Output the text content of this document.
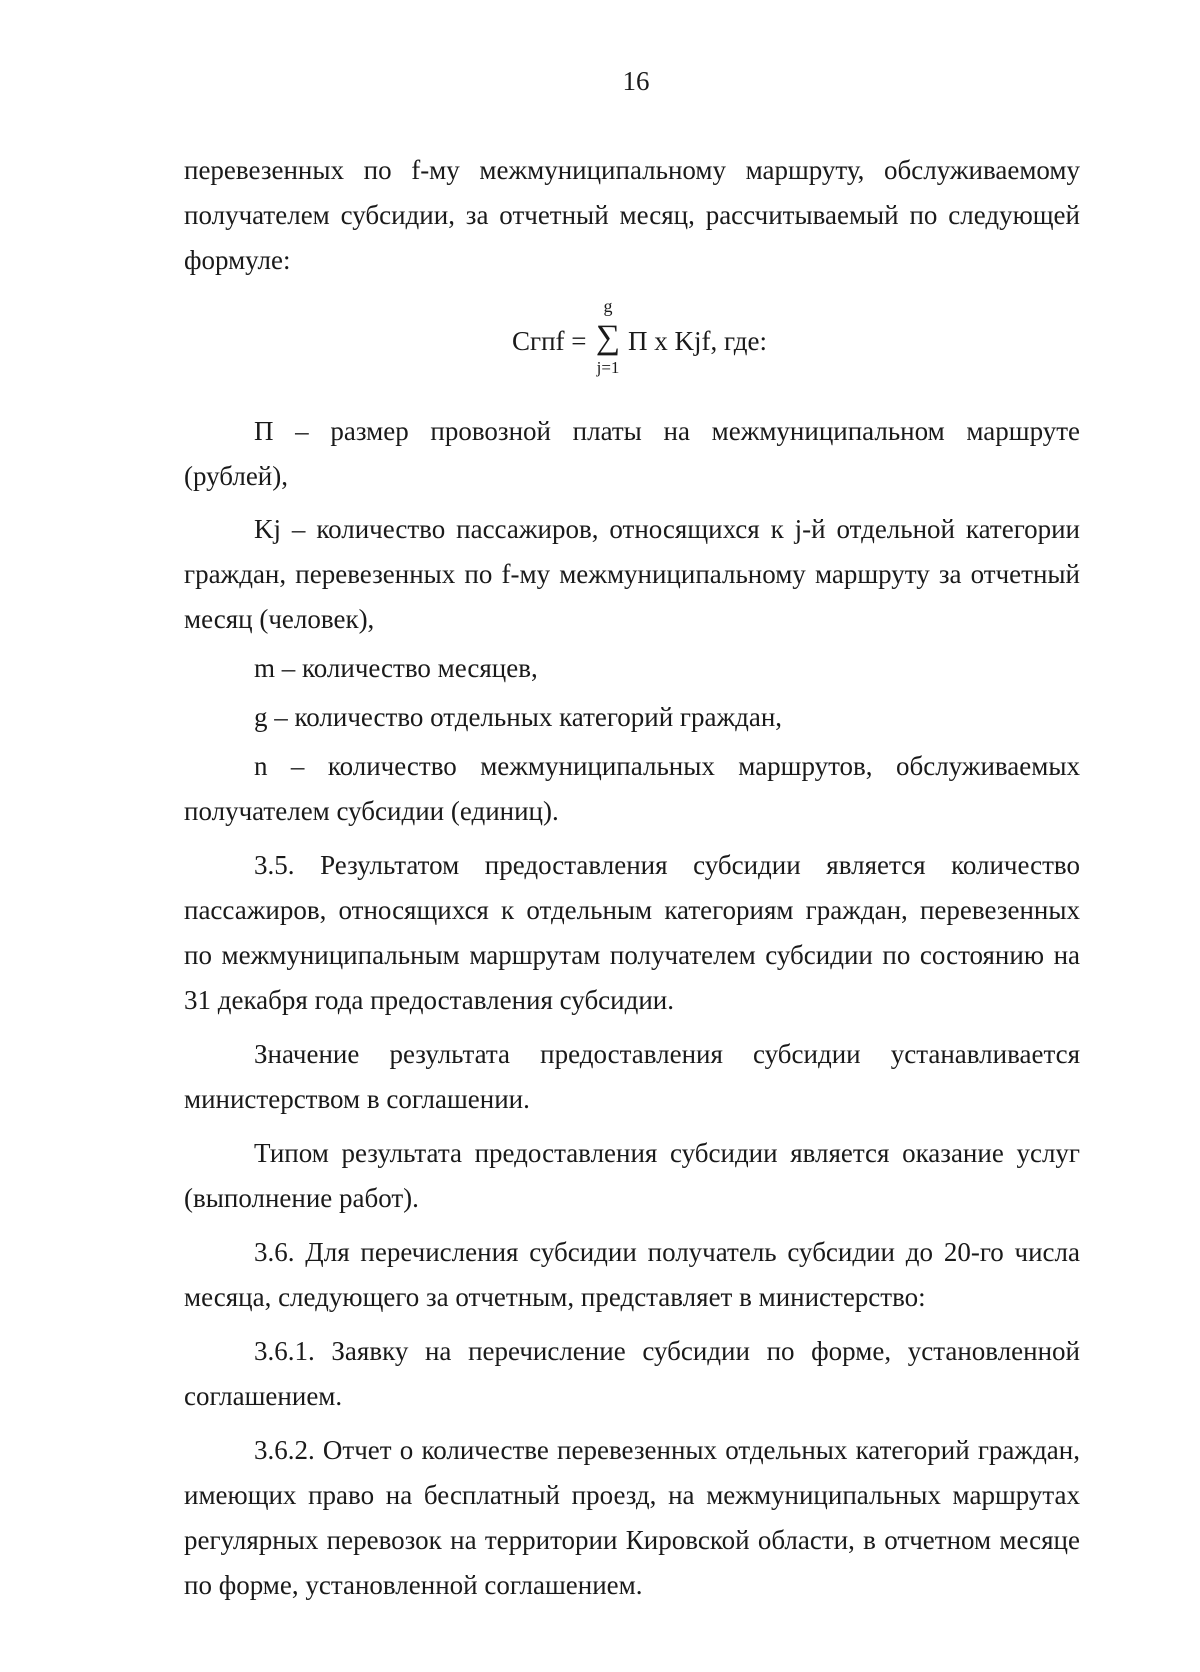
16

перевезенных по f-му межмуниципальному маршруту, обслуживаемому получателем субсидии, за отчетный месяц, рассчитываемый по следующей формуле:

Сгпf =
g
∑
j=1
П x Kjf, где:

П – размер провозной платы на межмуниципальном маршруте (рублей),

Kj – количество пассажиров, относящихся к j-й отдельной категории граждан, перевезенных по f-му межмуниципальному маршруту за отчетный месяц (человек),

m – количество месяцев,

g – количество отдельных категорий граждан,

n – количество межмуниципальных маршрутов, обслуживаемых получателем субсидии (единиц).

3.5. Результатом предоставления субсидии является количество пассажиров, относящихся к отдельным категориям граждан, перевезенных по межмуниципальным маршрутам получателем субсидии по состоянию на 31 декабря года предоставления субсидии.

Значение результата предоставления субсидии устанавливается министерством в соглашении.

Типом результата предоставления субсидии является оказание услуг (выполнение работ).

3.6. Для перечисления субсидии получатель субсидии до 20-го числа месяца, следующего за отчетным, представляет в министерство:

3.6.1. Заявку на перечисление субсидии по форме, установленной соглашением.

3.6.2. Отчет о количестве перевезенных отдельных категорий граждан, имеющих право на бесплатный проезд, на межмуниципальных маршрутах регулярных перевозок на территории Кировской области, в отчетном месяце по форме, установленной соглашением.
